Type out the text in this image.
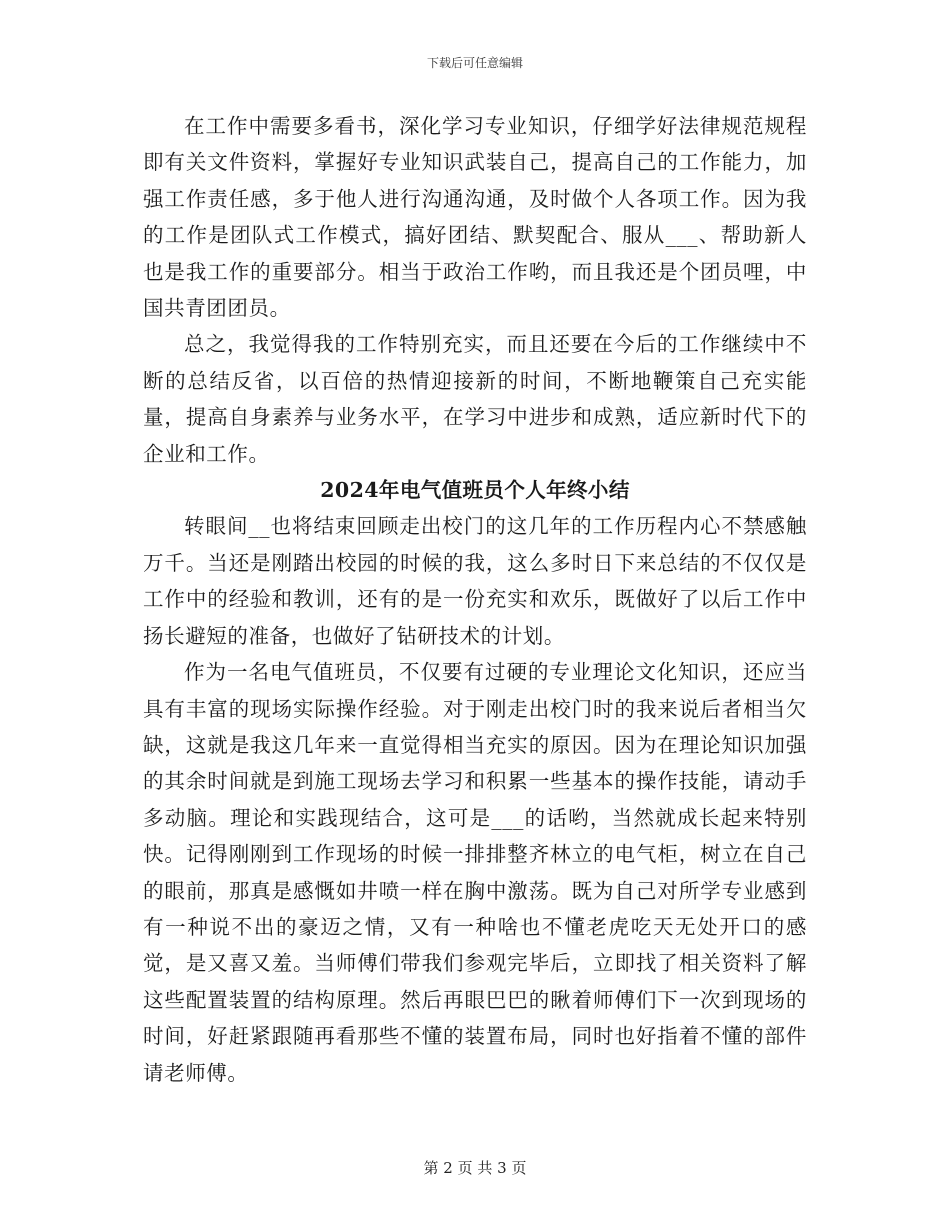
下载后可任意编辑

在工作中需要多看书，深化学习专业知识，仔细学好法律规范规程即有关文件资料，掌握好专业知识武装自己，提高自己的工作能力，加强工作责任感，多于他人进行沟通沟通，及时做个人各项工作。因为我的工作是团队式工作模式，搞好团结、默契配合、服从___、帮助新人也是我工作的重要部分。相当于政治工作哟，而且我还是个团员哩，中国共青团团员。

总之，我觉得我的工作特别充实，而且还要在今后的工作继续中不断的总结反省，以百倍的热情迎接新的时间，不断地鞭策自己充实能量，提高自身素养与业务水平，在学习中进步和成熟，适应新时代下的企业和工作。

2024年电气值班员个人年终小结

转眼间__也将结束回顾走出校门的这几年的工作历程内心不禁感触万千。当还是刚踏出校园的时候的我，这么多时日下来总结的不仅仅是工作中的经验和教训，还有的是一份充实和欢乐，既做好了以后工作中扬长避短的准备，也做好了钻研技术的计划。

作为一名电气值班员，不仅要有过硬的专业理论文化知识，还应当具有丰富的现场实际操作经验。对于刚走出校门时的我来说后者相当欠缺，这就是我这几年来一直觉得相当充实的原因。因为在理论知识加强的其余时间就是到施工现场去学习和积累一些基本的操作技能，请动手多动脑。理论和实践现结合，这可是___的话哟，当然就成长起来特别快。记得刚刚到工作现场的时候一排排整齐林立的电气柜，树立在自己的眼前，那真是感慨如井喷一样在胸中激荡。既为自己对所学专业感到有一种说不出的豪迈之情，又有一种啥也不懂老虎吃天无处开口的感觉，是又喜又羞。当师傅们带我们参观完毕后，立即找了相关资料了解这些配置装置的结构原理。然后再眼巴巴的瞅着师傅们下一次到现场的时间，好赶紧跟随再看那些不懂的装置布局，同时也好指着不懂的部件请老师傅。

第 2 页 共 3 页
